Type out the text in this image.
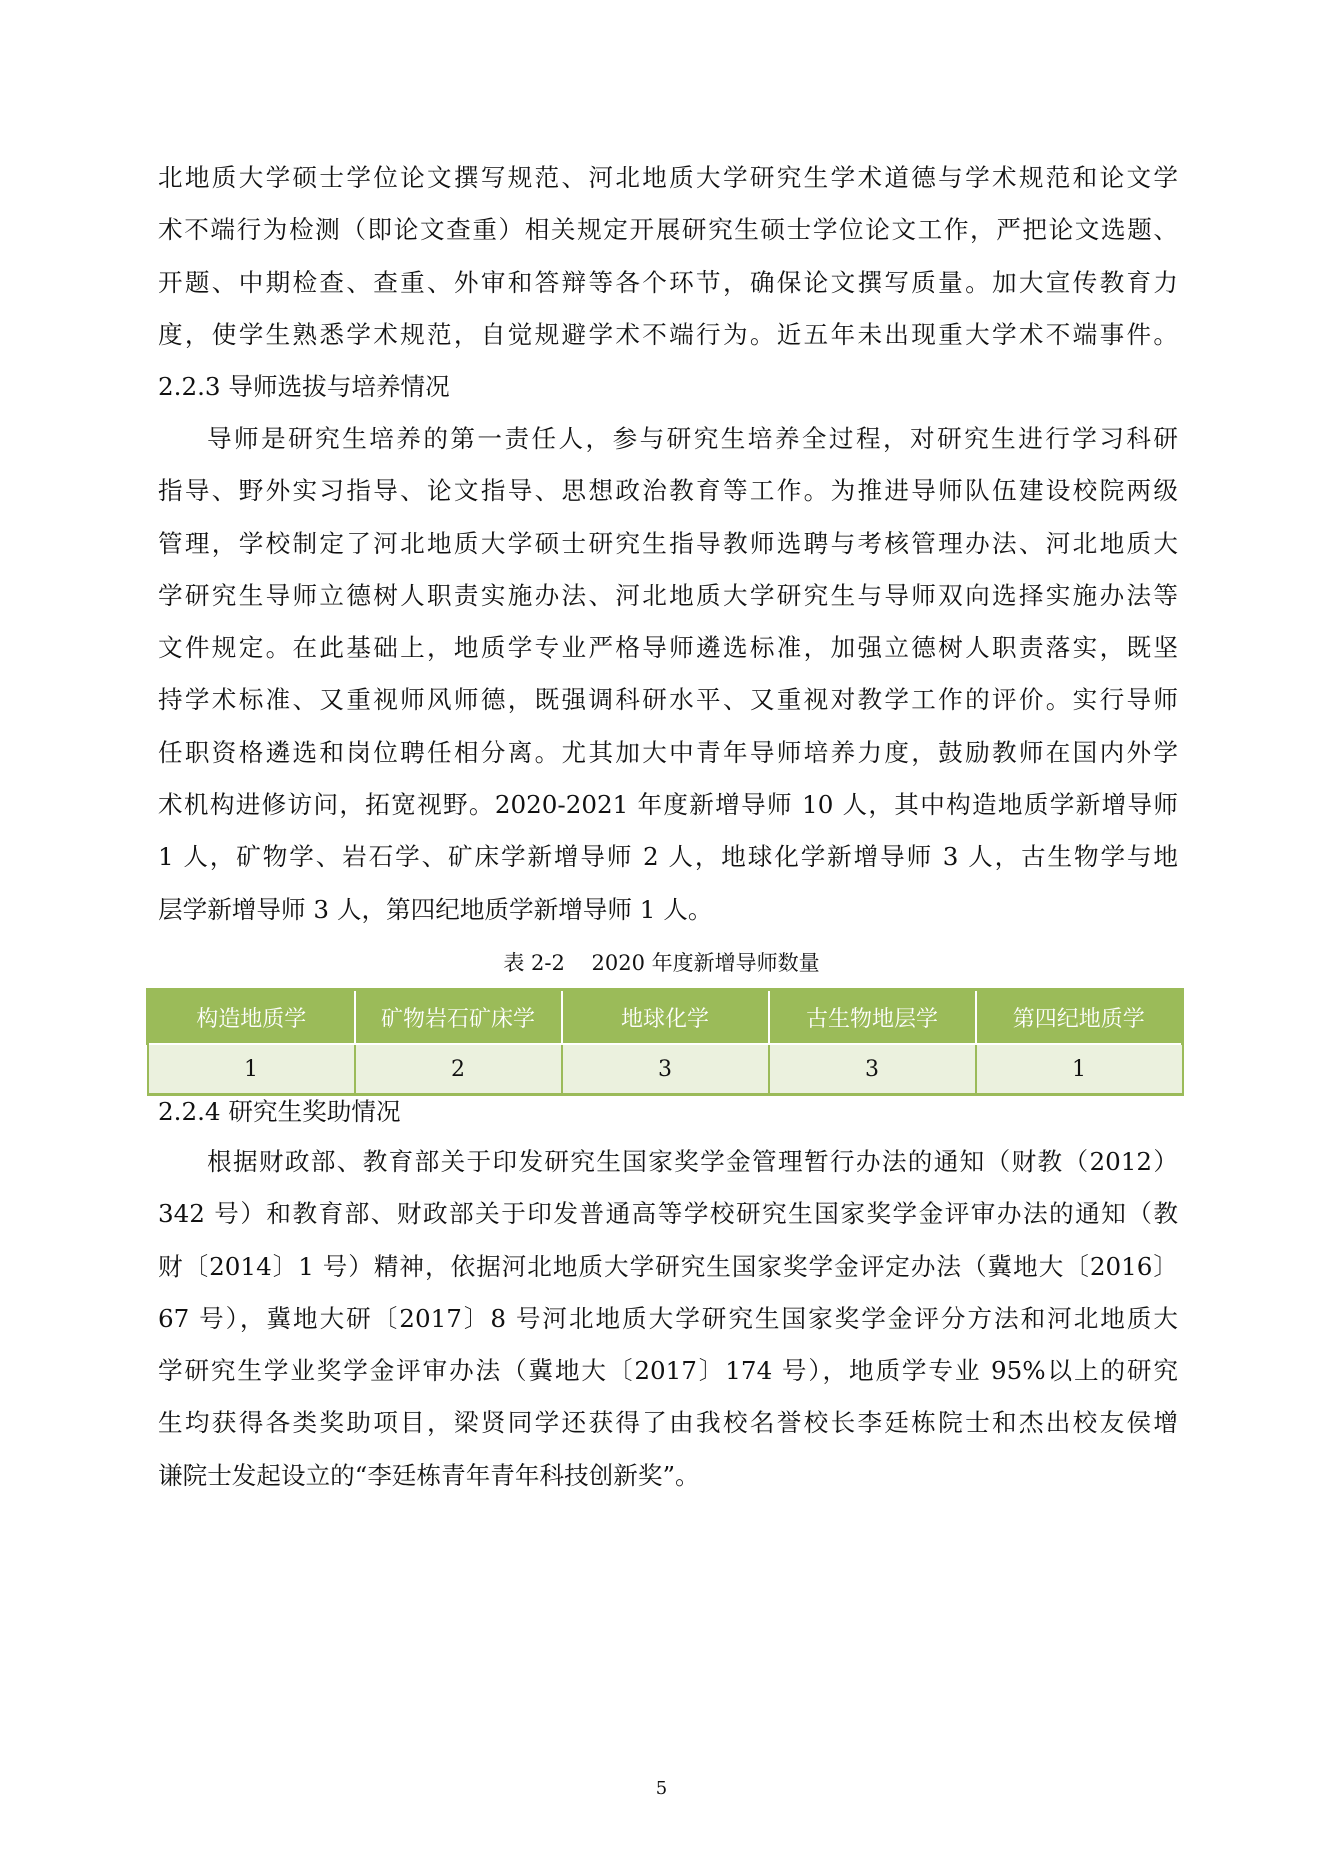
北地质大学硕士学位论文撰写规范、河北地质大学研究生学术道德与学术规范和论文学
术不端行为检测（即论文查重）相关规定开展研究生硕士学位论文工作，严把论文选题、
开题、中期检查、查重、外审和答辩等各个环节，确保论文撰写质量。加大宣传教育力
度，使学生熟悉学术规范，自觉规避学术不端行为。近五年未出现重大学术不端事件。
2.2.3 导师选拔与培养情况
导师是研究生培养的第一责任人，参与研究生培养全过程，对研究生进行学习科研
指导、野外实习指导、论文指导、思想政治教育等工作。为推进导师队伍建设校院两级
管理，学校制定了河北地质大学硕士研究生指导教师选聘与考核管理办法、河北地质大
学研究生导师立德树人职责实施办法、河北地质大学研究生与导师双向选择实施办法等
文件规定。在此基础上，地质学专业严格导师遴选标准，加强立德树人职责落实，既坚
持学术标准、又重视师风师德，既强调科研水平、又重视对教学工作的评价。实行导师
任职资格遴选和岗位聘任相分离。尤其加大中青年导师培养力度，鼓励教师在国内外学
术机构进修访问，拓宽视野。2020-2021 年度新增导师 10 人，其中构造地质学新增导师
1 人，矿物学、岩石学、矿床学新增导师 2 人，地球化学新增导师 3 人，古生物学与地
层学新增导师 3 人，第四纪地质学新增导师 1 人。
表 2-2    2020 年度新增导师数量
构造地质学	矿物岩石矿床学	地球化学	古生物地层学	第四纪地质学
1	2	3	3	1
2.2.4 研究生奖助情况
根据财政部、教育部关于印发研究生国家奖学金管理暂行办法的通知（财教（2012）
342 号）和教育部、财政部关于印发普通高等学校研究生国家奖学金评审办法的通知（教
财〔2014〕1 号）精神，依据河北地质大学研究生国家奖学金评定办法（冀地大〔2016〕
67 号），冀地大研〔2017〕8 号河北地质大学研究生国家奖学金评分方法和河北地质大
学研究生学业奖学金评审办法（冀地大〔2017〕174 号），地质学专业 95%以上的研究
生均获得各类奖助项目，梁贤同学还获得了由我校名誉校长李廷栋院士和杰出校友侯增
谦院士发起设立的“李廷栋青年青年科技创新奖”。
5
